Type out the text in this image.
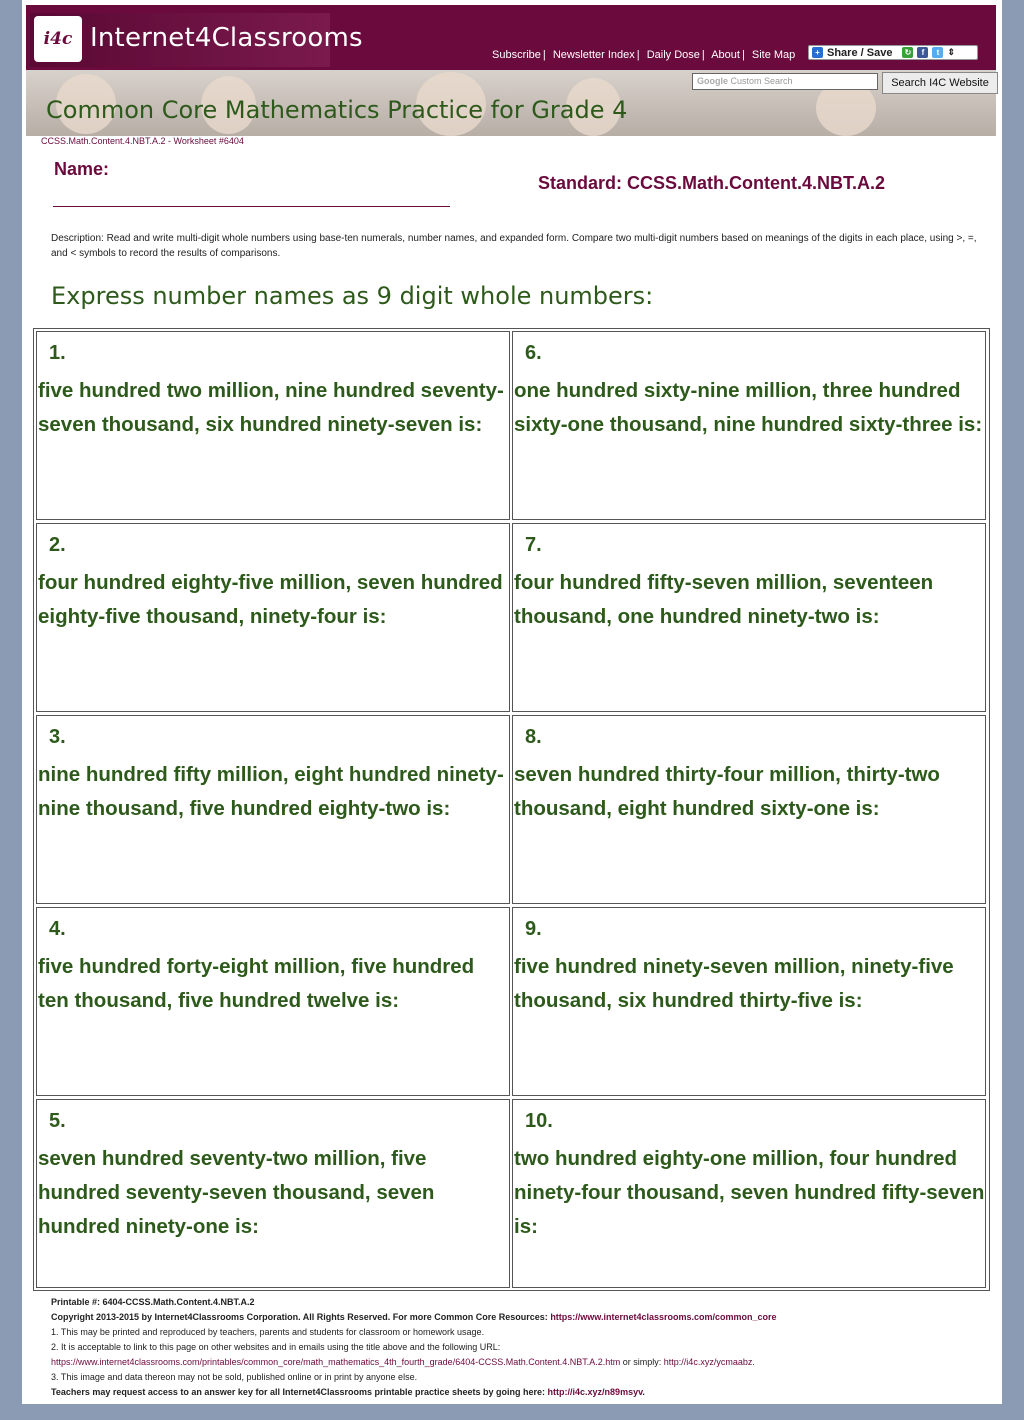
i4c Internet4Classrooms
Subscribe | Newsletter Index | Daily Dose | About | Site Map	+ Share / Save ↻	f	t ⇕
Google Custom Search	Search I4C Website
Common Core Mathematics Practice for Grade 4
CCSS.Math.Content.4.NBT.A.2 - Worksheet #6404
Name:
Standard: CCSS.Math.Content.4.NBT.A.2
Description: Read and write multi-digit whole numbers using base-ten numerals, number names, and expanded form. Compare two multi-digit numbers based on meanings of the digits in each place, using >, =, and < symbols to record the results of comparisons.
Express number names as 9 digit whole numbers:
1.
five hundred two million, nine hundred seventy-seven thousand, six hundred ninety-seven is:
2.
four hundred eighty-five million, seven hundred eighty-five thousand, ninety-four is:
3.
nine hundred fifty million, eight hundred ninety-nine thousand, five hundred eighty-two is:
4.
five hundred forty-eight million, five hundred ten thousand, five hundred twelve is:
5.
seven hundred seventy-two million, five hundred seventy-seven thousand, seven hundred ninety-one is:
6.
one hundred sixty-nine million, three hundred sixty-one thousand, nine hundred sixty-three is:
7.
four hundred fifty-seven million, seventeen thousand, one hundred ninety-two is:
8.
seven hundred thirty-four million, thirty-two thousand, eight hundred sixty-one is:
9.
five hundred ninety-seven million, ninety-five thousand, six hundred thirty-five is:
10.
two hundred eighty-one million, four hundred ninety-four thousand, seven hundred fifty-seven is:
Printable #: 6404-CCSS.Math.Content.4.NBT.A.2
Copyright 2013-2015 by Internet4Classrooms Corporation. All Rights Reserved. For more Common Core Resources: https://www.internet4classrooms.com/common_core
1. This may be printed and reproduced by teachers, parents and students for classroom or homework usage.
2. It is acceptable to link to this page on other websites and in emails using the title above and the following URL:
https://www.internet4classrooms.com/printables/common_core/math_mathematics_4th_fourth_grade/6404-CCSS.Math.Content.4.NBT.A.2.htm or simply: http://i4c.xyz/ycmaabz.
3. This image and data thereon may not be sold, published online or in print by anyone else.
Teachers may request access to an answer key for all Internet4Classrooms printable practice sheets by going here: http://i4c.xyz/n89msyv.
